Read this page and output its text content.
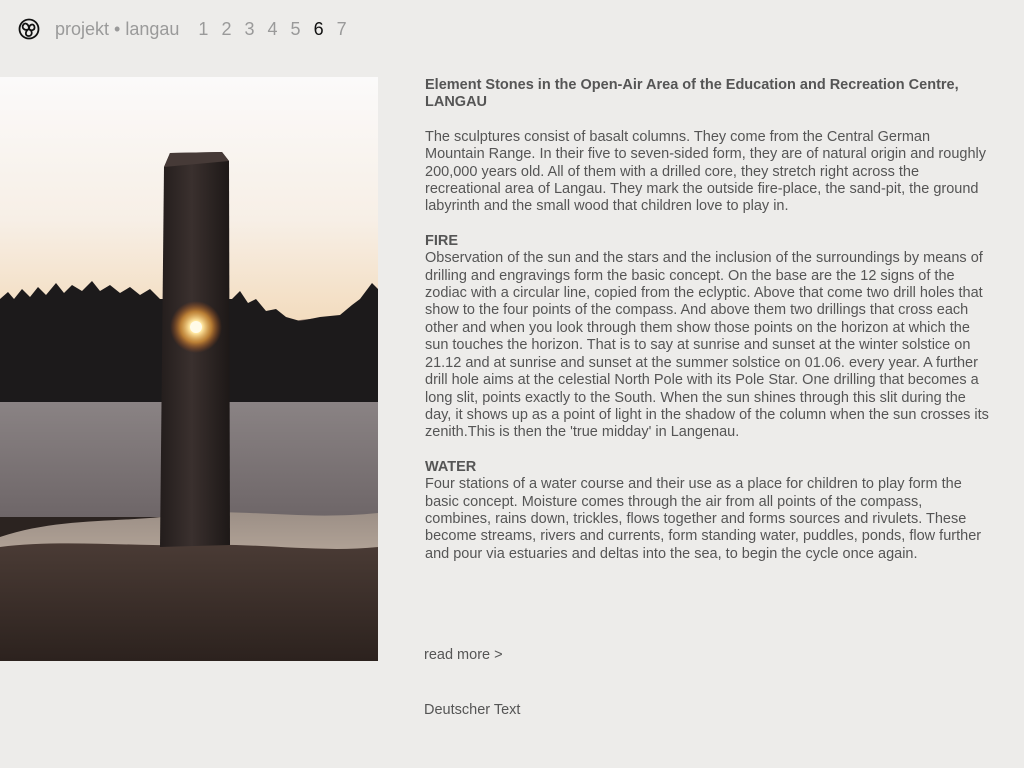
projekt • langau 1 2 3 4 5 6 7
Element Stones in the Open-Air Area of the Education and Recreation Centre, LANGAU
The sculptures consist of basalt columns. They come from the Central German Mountain Range. In their five to seven-sided form, they are of natural origin and roughly 200,000 years old. All of them with a drilled core, they stretch right across the recreational area of Langau. They mark the outside fire-place, the sand-pit, the ground labyrinth and the small wood that children love to play in.
FIRE
Observation of the sun and the stars and the inclusion of the surroundings by means of drilling and engravings form the basic concept. On the base are the 12 signs of the zodiac with a circular line, copied from the eclyptic. Above that come two drill holes that show to the four points of the compass. And above them two drillings that cross each other and when you look through them show those points on the horizon at which the sun touches the horizon. That is to say at sunrise and sunset at the winter solstice on 21.12 and at sunrise and sunset at the summer solstice on 01.06. every year. A further drill hole aims at the celestial North Pole with its Pole Star. One drilling that becomes a long slit, points exactly to the South. When the sun shines through this slit during the day, it shows up as a point of light in the shadow of the column when the sun crosses its zenith.This is then the 'true midday' in Langenau.
WATER
Four stations of a water course and their use as a place for children to play form the basic concept. Moisture comes through the air from all points of the compass, combines, rains down, trickles, flows together and forms sources and rivulets. These become streams, rivers and currents, form standing water, puddles, ponds, flow further and pour via estuaries and deltas into the sea, to begin the cycle once again.
read more >
Deutscher Text
